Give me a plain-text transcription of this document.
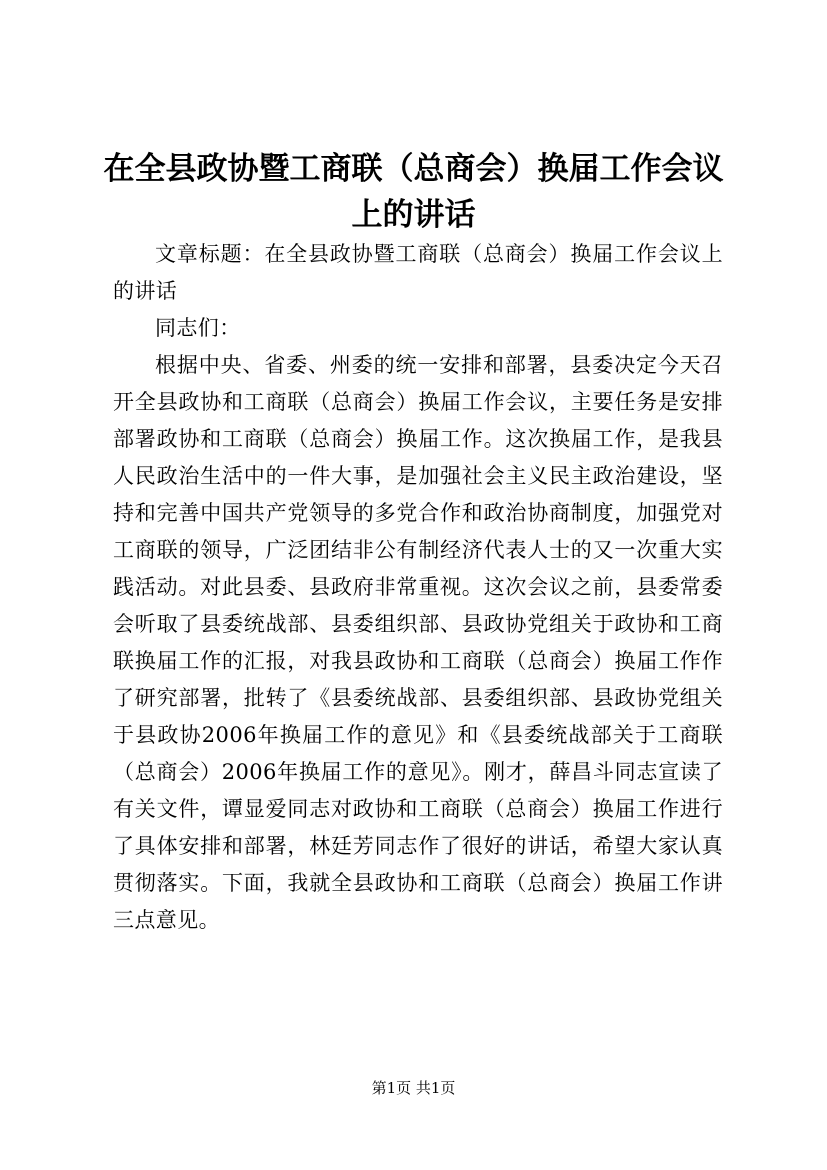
在全县政协暨工商联（总商会）换届工作会议上的讲话

文章标题：在全县政协暨工商联（总商会）换届工作会议上的讲话

同志们：

根据中央、省委、州委的统一安排和部署，县委决定今天召开全县政协和工商联（总商会）换届工作会议，主要任务是安排部署政协和工商联（总商会）换届工作。这次换届工作，是我县人民政治生活中的一件大事，是加强社会主义民主政治建设，坚持和完善中国共产党领导的多党合作和政治协商制度，加强党对工商联的领导，广泛团结非公有制经济代表人士的又一次重大实践活动。对此县委、县政府非常重视。这次会议之前，县委常委会听取了县委统战部、县委组织部、县政协党组关于政协和工商联换届工作的汇报，对我县政协和工商联（总商会）换届工作作了研究部署，批转了《县委统战部、县委组织部、县政协党组关于县政协2006年换届工作的意见》和《县委统战部关于工商联（总商会）2006年换届工作的意见》。刚才，薛昌斗同志宣读了有关文件，谭显爱同志对政协和工商联（总商会）换届工作进行了具体安排和部署，林廷芳同志作了很好的讲话，希望大家认真贯彻落实。下面，我就全县政协和工商联（总商会）换届工作讲三点意见。

第1页 共1页
